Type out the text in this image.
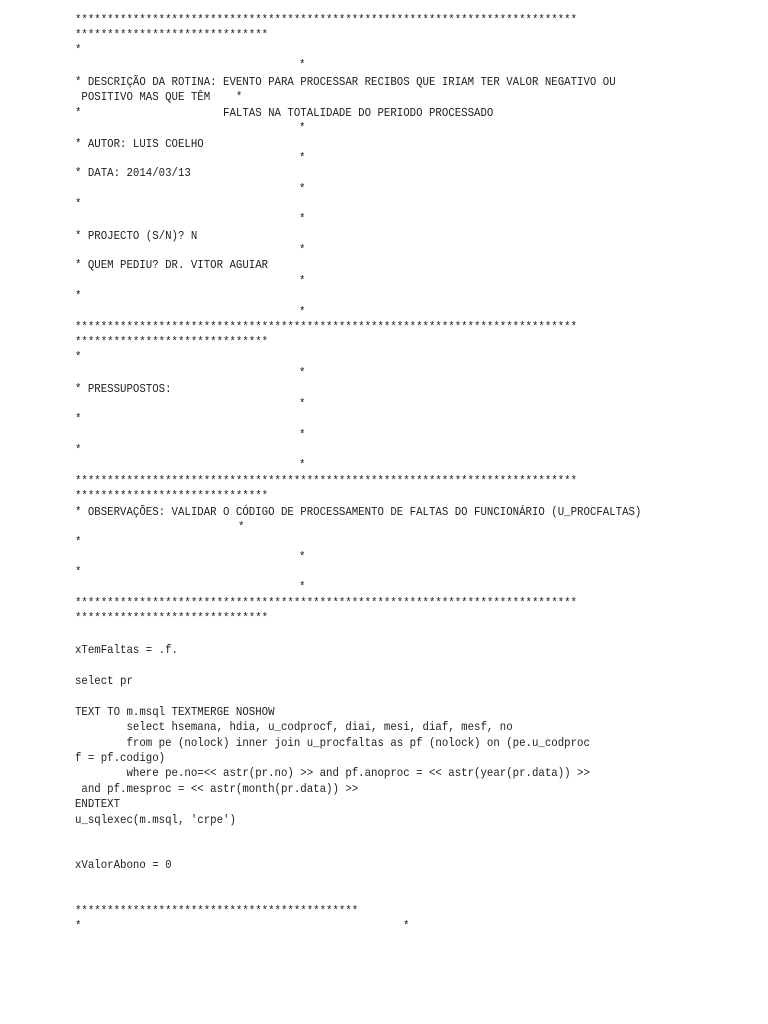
******************************************************************************
******************************
*
*
* DESCRIÇÃO DA ROTINA: EVENTO PARA PROCESSAR RECIBOS QUE IRIAM TER VALOR NEGATIVO OU
POSITIVO MAS QUE TÊM    *
*                      FALTAS NA TOTALIDADE DO PERIODO PROCESSADO
*
* AUTOR: LUIS COELHO
*
* DATA: 2014/03/13
*
*
*
* PROJECTO (S/N)? N
*
* QUEM PEDIU? DR. VITOR AGUIAR
*
*
*
******************************************************************************
******************************
*
*
* PRESSUPOSTOS:
*
*
*
*
*
******************************************************************************
******************************
* OBSERVAÇÕES: VALIDAR O CÓDIGO DE PROCESSAMENTO DE FALTAS DO FUNCIONÁRIO (U_PROCFALTAS)
*
*
*
*
*
******************************************************************************
******************************
xTemFaltas = .f.
select pr
TEXT TO m.msql TEXTMERGE NOSHOW
select hsemana, hdia, u_codprocf, diai, mesi, diaf, mesf, no
from pe (nolock) inner join u_procfaltas as pf (nolock) on (pe.u_codproc
f = pf.codigo)
where pe.no=<< astr(pr.no) >> and pf.anoproc = << astr(year(pr.data)) >>
and pf.mesproc = << astr(month(pr.data)) >>
ENDTEXT
u_sqlexec(m.msql, 'crpe')
xValorAbono = 0
********************************************
*	*
